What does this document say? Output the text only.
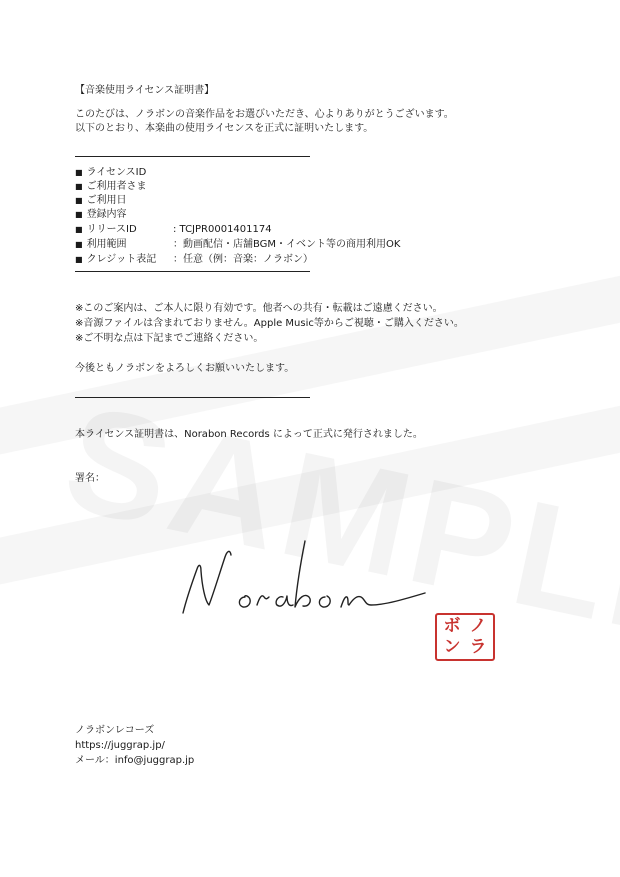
【音楽使用ライセンス証明書】
このたびは、ノラボンの音楽作品をお選びいただき、心よりありがとうございます。
以下のとおり、本楽曲の使用ライセンスを正式に証明いたします。
■ ライセンスID
■ ご利用者さま
■ ご利用日
■ 登録内容
■ リリースID	: TCJPR0001401174
■ 利用範囲	：動画配信・店舗BGM・イベント等の商用利用OK
■ クレジット表記 ：任意（例：音楽：ノラボン）
※このご案内は、ご本人に限り有効です。他者への共有・転載はご遠慮ください。
※音源ファイルは含まれておりません。Apple Music等からご視聴・ご購入ください。
※ご不明な点は下記までご連絡ください。
今後ともノラボンをよろしくお願いいたします。
本ライセンス証明書は、Norabon Records によって正式に発行されました。
署名：
ボ ノ
ン ラ
ノラボンレコーズ
https://juggrap.jp/
メール：info@juggrap.jp
